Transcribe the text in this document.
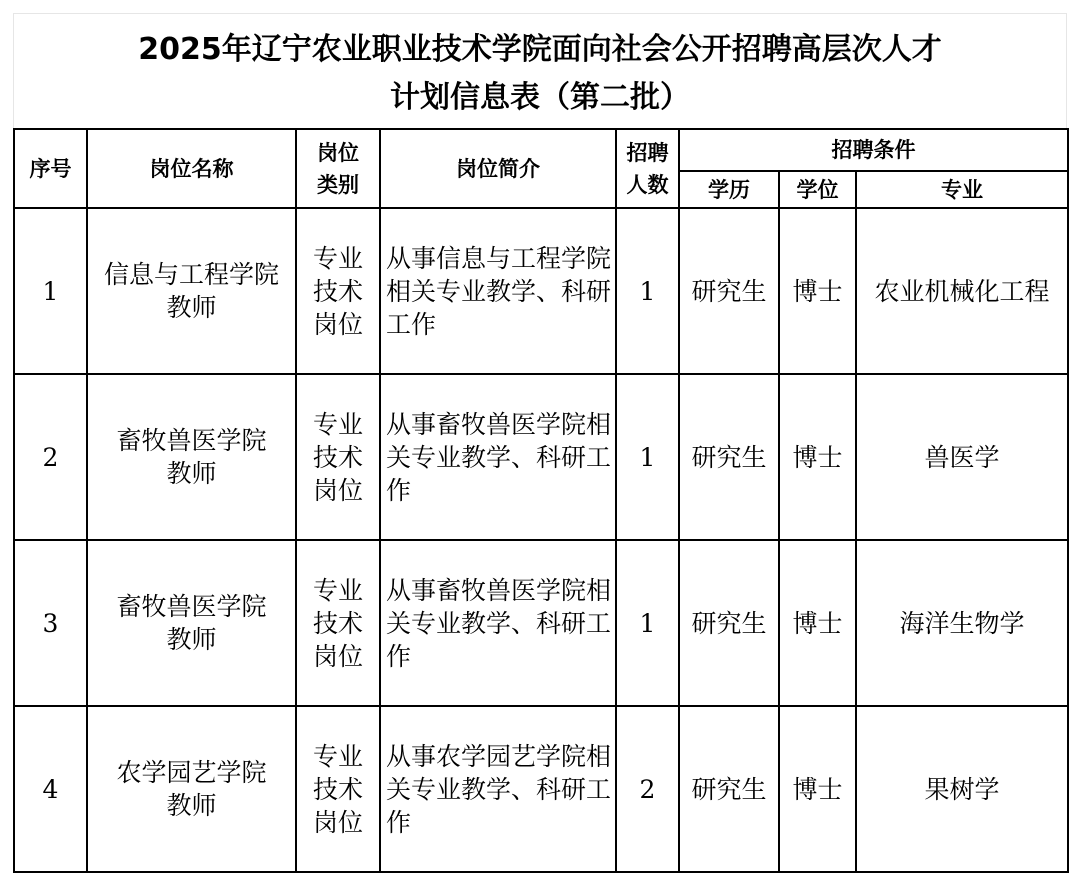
2025年辽宁农业职业技术学院面向社会公开招聘高层次人才
计划信息表（第二批）
序号	岗位名称	岗位类别	岗位简介	招聘人数	招聘条件		
					学历	学位	专业
1	信息与工程学院教师	专业技术岗位	从事信息与工程学院相关专业教学、科研工作	1	研究生	博士	农业机械化工程
2	畜牧兽医学院教师	专业技术岗位	从事畜牧兽医学院相关专业教学、科研工作	1	研究生	博士	兽医学
3	畜牧兽医学院教师	专业技术岗位	从事畜牧兽医学院相关专业教学、科研工作	1	研究生	博士	海洋生物学
4	农学园艺学院教师	专业技术岗位	从事农学园艺学院相关专业教学、科研工作	2	研究生	博士	果树学
